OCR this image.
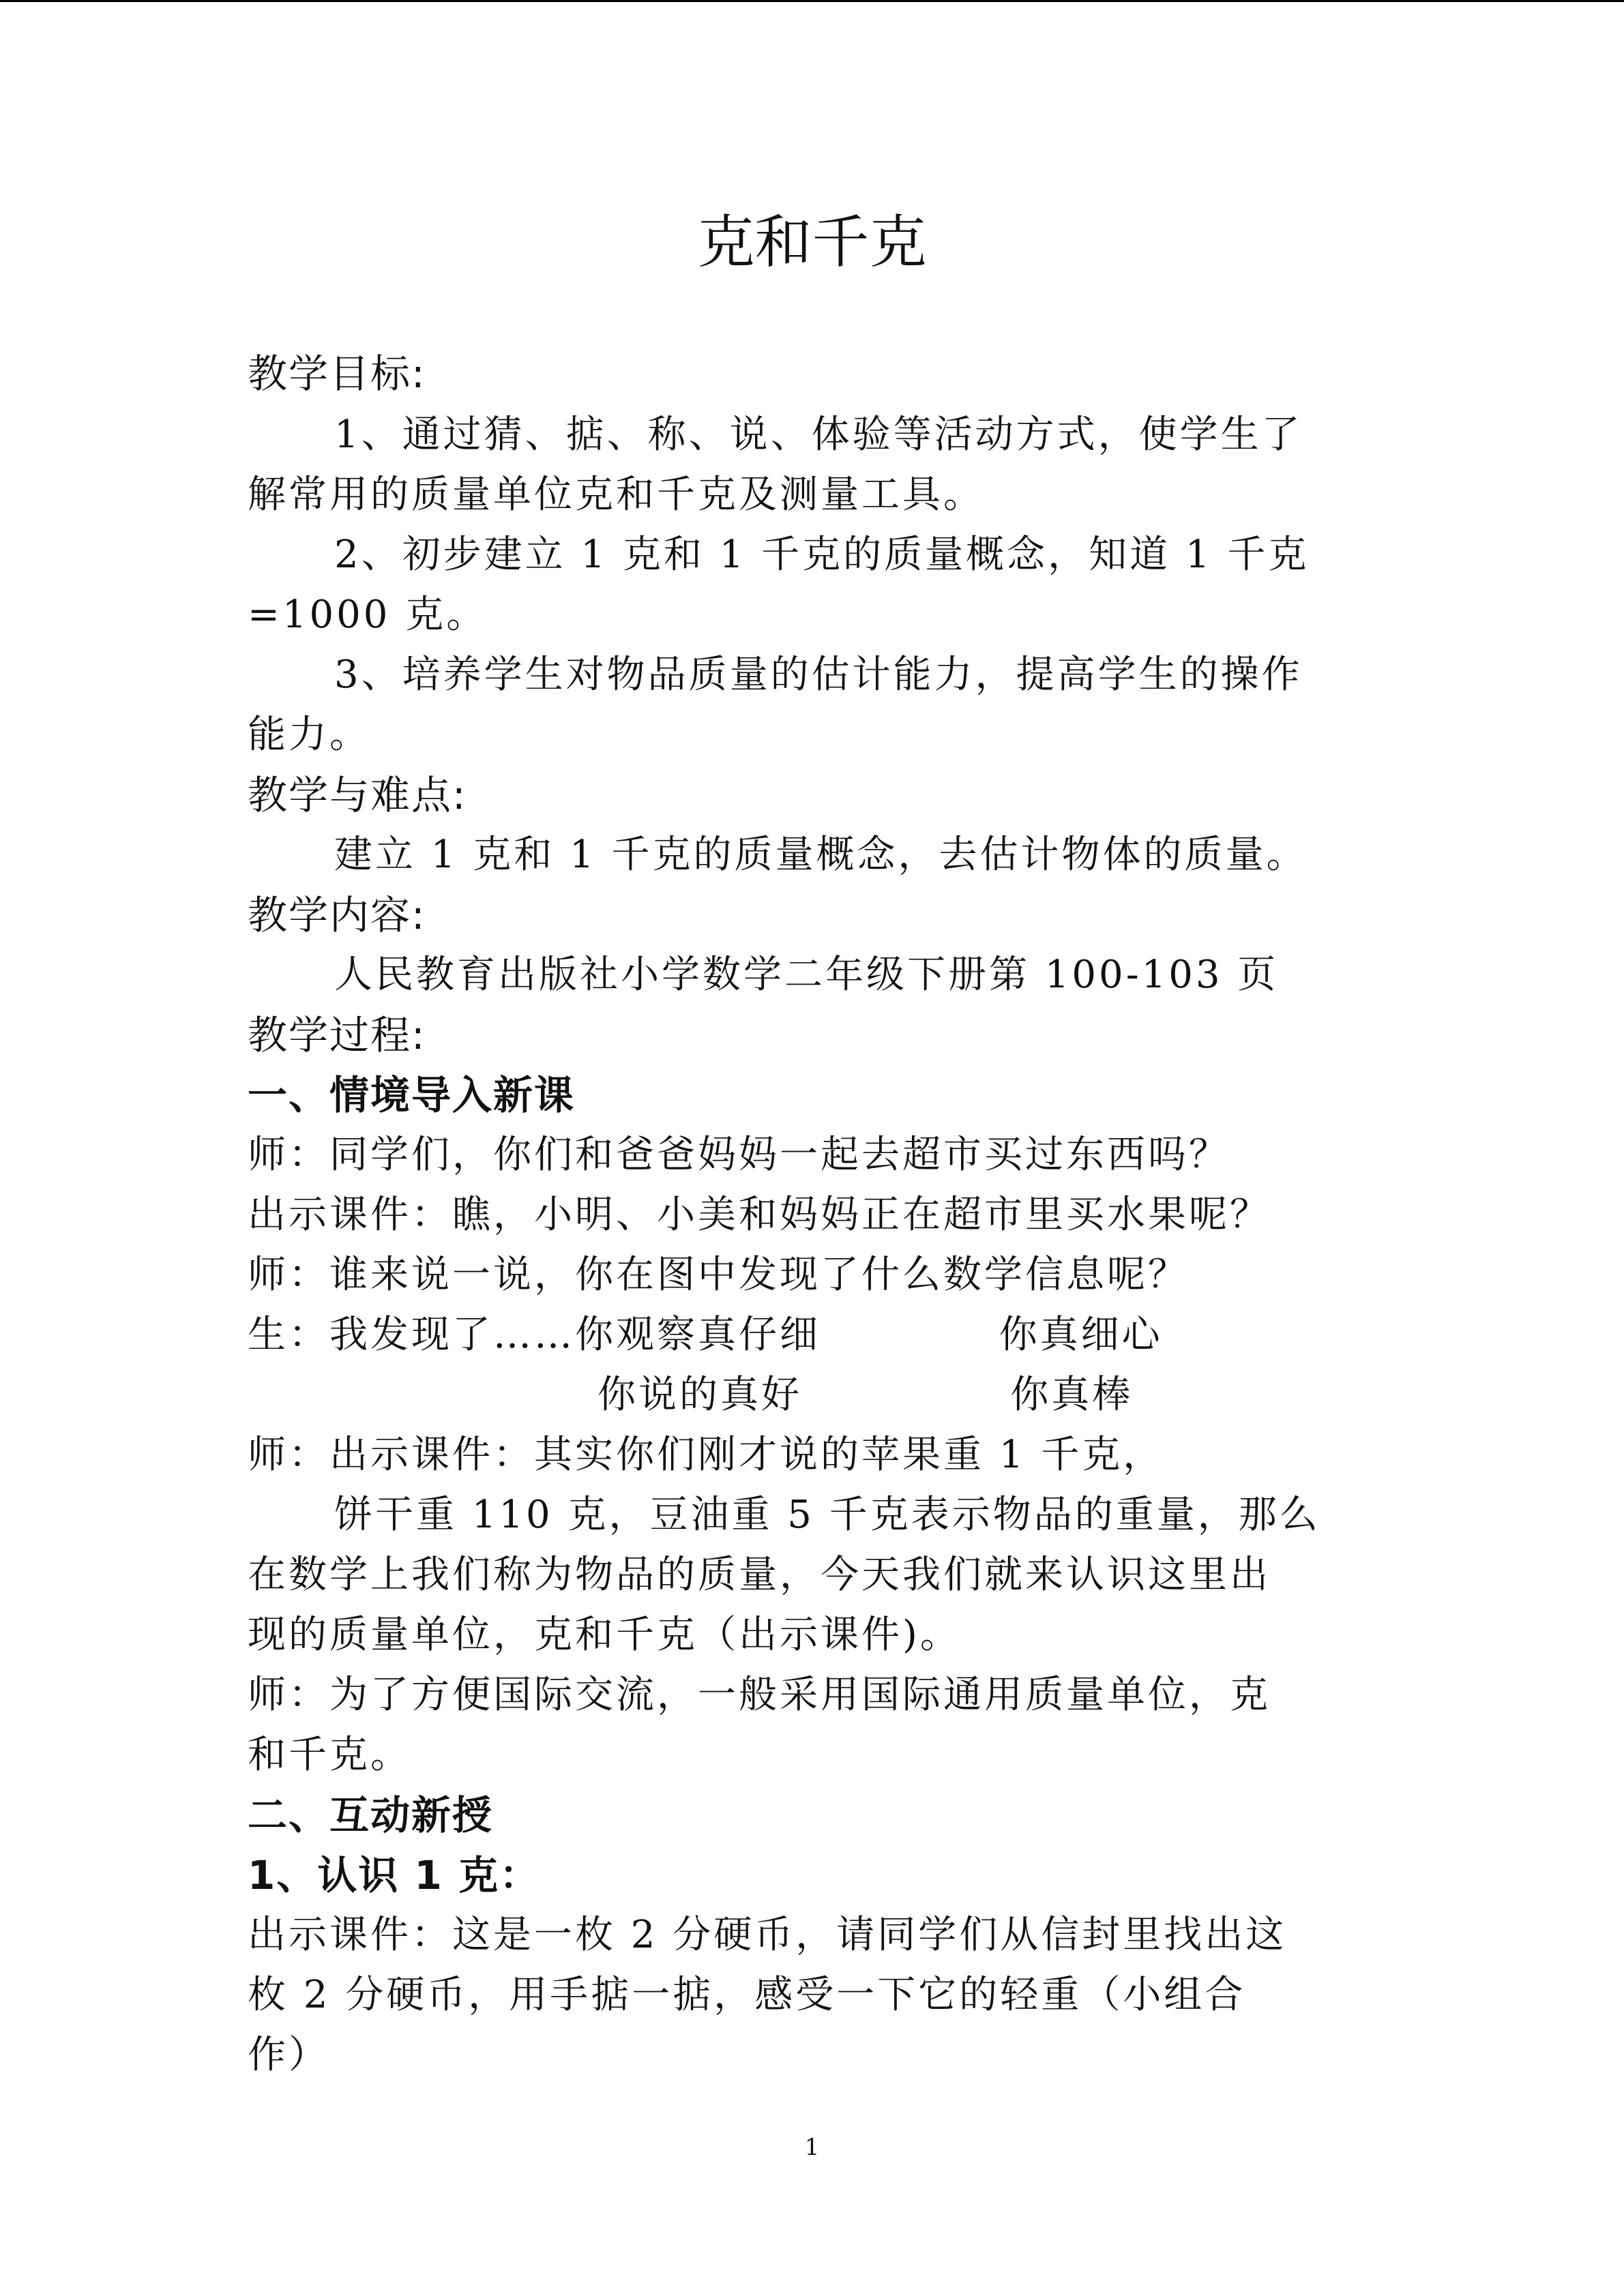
克和千克
教学目标:
1、通过猜、掂、称、说、体验等活动方式，使学生了
解常用的质量单位克和千克及测量工具。
2、初步建立 1 克和 1 千克的质量概念，知道 1 千克
=1000 克。
3、培养学生对物品质量的估计能力，提高学生的操作
能力。
教学与难点:
建立 1 克和 1 千克的质量概念，去估计物体的质量。
教学内容:
人民教育出版社小学数学二年级下册第 100-103 页
教学过程:
一、情境导入新课
师：同学们，你们和爸爸妈妈一起去超市买过东西吗？
出示课件：瞧，小明、小美和妈妈正在超市里买水果呢？
师：谁来说一说，你在图中发现了什么数学信息呢？
生：我发现了……你观察真仔细            你真细心
你说的真好              你真棒
师：出示课件：其实你们刚才说的苹果重 1 千克，
饼干重 110 克，豆油重 5 千克表示物品的重量，那么
在数学上我们称为物品的质量，今天我们就来认识这里出
现的质量单位，克和千克（出示课件)。
师：为了方便国际交流，一般采用国际通用质量单位，克
和千克。
二、互动新授
1、认识 1 克：
出示课件：这是一枚 2 分硬币，请同学们从信封里找出这
枚 2 分硬币，用手掂一掂，感受一下它的轻重（小组合
作）
1
